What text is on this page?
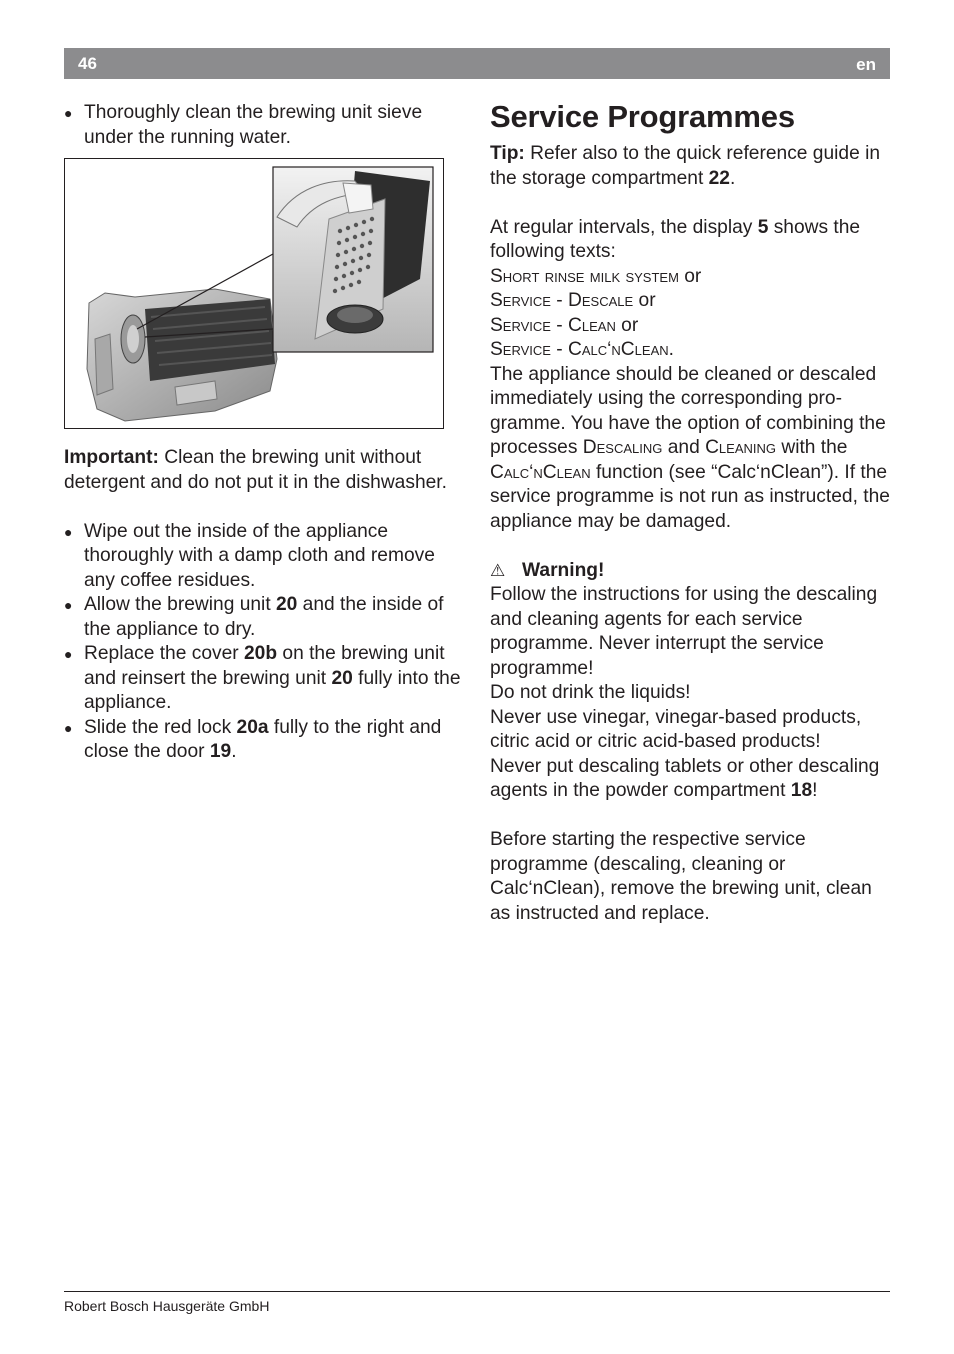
46	en
● Thoroughly clean the brewing unit sieve under the running water.

Important: Clean the brewing unit without detergent and do not put it in the dishwasher.

● Wipe out the inside of the appliance thoroughly with a damp cloth and remove any coffee residues.
● Allow the brewing unit 20 and the inside of the appliance to dry.
● Replace the cover 20b on the brewing unit and reinsert the brewing unit 20 fully into the appliance.
● Slide the red lock 20a fully to the right and close the door 19.
Service Programmes

Tip: Refer also to the quick reference guide in the storage compartment 22.

At regular intervals, the display 5 shows the following texts:

Short rinse milk system or

Service - Descale or

Service - Clean or

Service - Calc‘nClean.

The appliance should be cleaned or descaled immediately using the corresponding programme. You have the option of combining the processes Descaling and Cleaning with the Calc‘nClean function (see “Calc‘nClean”). If the service programme is not run as instructed, the appliance may be damaged.

⚠ Warning!

Follow the instructions for using the descaling and cleaning agents for each service programme. Never interrupt the service programme!

Do not drink the liquids!

Never use vinegar, vinegar-based products, citric acid or citric acid-based products!

Never put descaling tablets or other descaling agents in the powder compartment 18!

Before starting the respective service programme (descaling, cleaning or Calc‘nClean), remove the brewing unit, clean as instructed and replace.

Robert Bosch Hausgeräte GmbH
